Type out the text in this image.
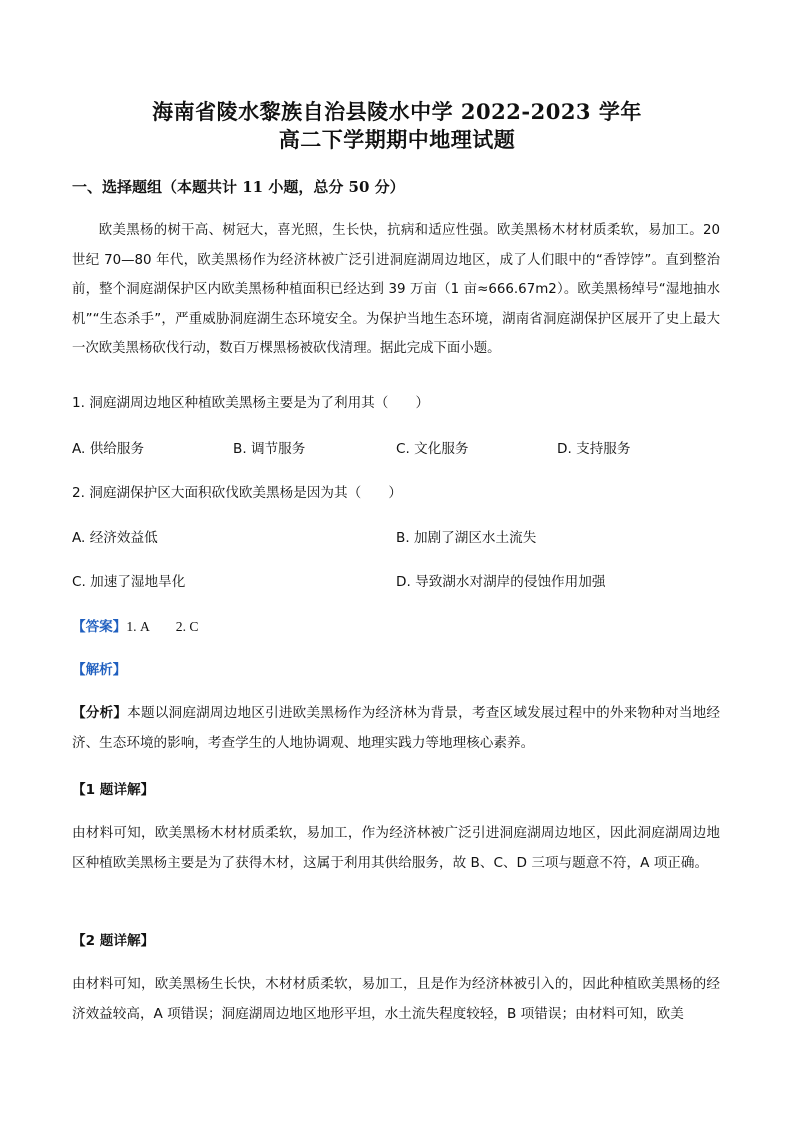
海南省陵水黎族自治县陵水中学 2022-2023 学年
高二下学期期中地理试题
一、选择题组（本题共计 11 小题，总分 50 分）

欧美黑杨的树干高、树冠大，喜光照，生长快，抗病和适应性强。欧美黑杨木材材质柔软，易加工。20 世纪 70—80 年代，欧美黑杨作为经济林被广泛引进洞庭湖周边地区，成了人们眼中的“香饽饽”。直到整治前，整个洞庭湖保护区内欧美黑杨种植面积已经达到 39 万亩（1 亩≈666.67m2）。欧美黑杨绰号“湿地抽水机”“生态杀手”，严重威胁洞庭湖生态环境安全。为保护当地生态环境，湖南省洞庭湖保护区展开了史上最大一次欧美黑杨砍伐行动，数百万棵黑杨被砍伐清理。据此完成下面小题。

1. 洞庭湖周边地区种植欧美黑杨主要是为了利用其（　　）
A. 供给服务	B. 调节服务	C. 文化服务	D. 支持服务
2. 洞庭湖保护区大面积砍伐欧美黑杨是因为其（　　）
A. 经济效益低	B. 加剧了湖区水土流失
C. 加速了湿地旱化	D. 导致湖水对湖岸的侵蚀作用加强
【答案】1. A 2. C
【解析】

【分析】本题以洞庭湖周边地区引进欧美黑杨作为经济林为背景，考查区域发展过程中的外来物种对当地经济、生态环境的影响，考查学生的人地协调观、地理实践力等地理核心素养。

【1 题详解】

由材料可知，欧美黑杨木材材质柔软，易加工，作为经济林被广泛引进洞庭湖周边地区，因此洞庭湖周边地区种植欧美黑杨主要是为了获得木材，这属于利用其供给服务，故 B、C、D 三项与题意不符，A 项正确。

【2 题详解】

由材料可知，欧美黑杨生长快，木材材质柔软，易加工，且是作为经济林被引入的，因此种植欧美黑杨的经济效益较高，A 项错误；洞庭湖周边地区地形平坦，水土流失程度较轻，B 项错误；由材料可知，欧美
